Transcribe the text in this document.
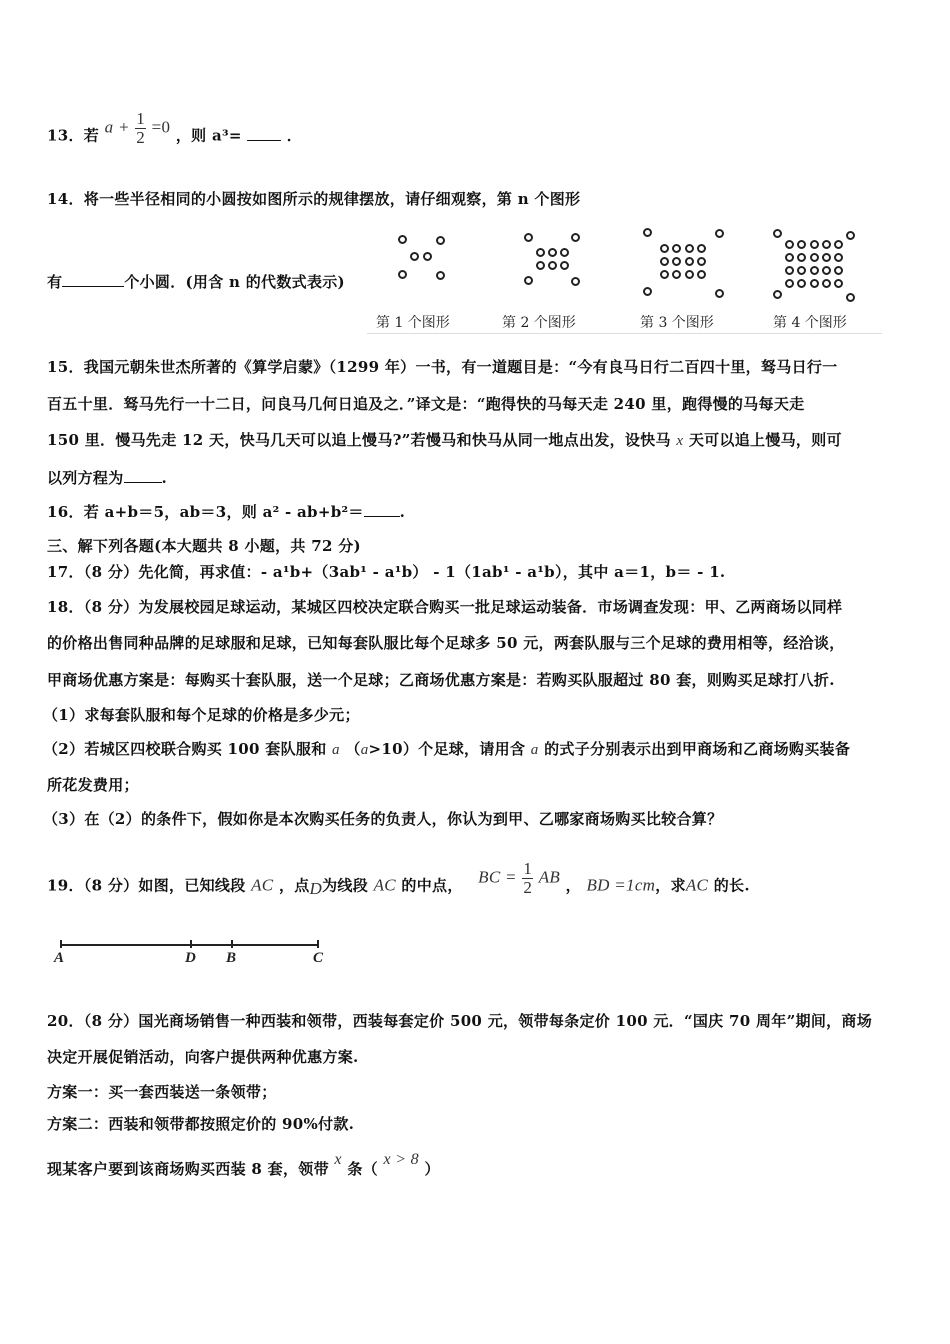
13．若 $a + \frac{1}{2} =0$ ，则 a³=	．
14．将一些半径相同的小圆按如图所示的规律摆放，请仔细观察，第 n 个图形
有	个小圆．(用含 n 的代数式表示)
第 1 个图形	第 2 个图形	第 3 个图形	第 4 个图形
15．我国元朝朱世杰所著的《算学启蒙》（1299 年）一书，有一道题目是：“今有良马日行二百四十里，驽马日行一
百五十里．驽马先行一十二日，问良马几何日追及之．”译文是：“跑得快的马每天走 240 里，跑得慢的马每天走
150 里．慢马先走 12 天，快马几天可以追上慢马?”若慢马和快马从同一地点出发，设快马 x 天可以追上慢马，则可
以列方程为	.
16．若 a+b＝5，ab＝3，则 a² - ab+b²＝ .
三、解下列各题(本大题共 8 小题，共 72 分)
17．（8 分）先化简，再求值：- a¹b+（3ab¹ - a¹b） - 1（1ab¹ - a¹b），其中 a＝1，b＝ - 1.
18．（8 分）为发展校园足球运动，某城区四校决定联合购买一批足球运动装备．市场调查发现：甲、乙两商场以同样
的价格出售同种品牌的足球服和足球，已知每套队服比每个足球多 50 元，两套队服与三个足球的费用相等，经洽谈，
甲商场优惠方案是：每购买十套队服，送一个足球；乙商场优惠方案是：若购买队服超过 80 套，则购买足球打八折.
（1）求每套队服和每个足球的价格是多少元；
（2）若城区四校联合购买 100 套队服和 a （a>10）个足球，请用含 a 的式子分别表示出到甲商场和乙商场购买装备
所花发费用；
（3）在（2）的条件下，假如你是本次购买任务的负责人，你认为到甲、乙哪家商场购买比较合算？
19．（8 分）如图，已知线段 AC ，点D为线段 AC 的中点， BC = $\frac{1}{2}$ AB ， BD =1cm，求AC 的长.
A	D B	C
20．（8 分）国光商场销售一种西装和领带，西装每套定价 500 元，领带每条定价 100 元．“国庆 70 周年”期间，商场
决定开展促销活动，向客户提供两种优惠方案.
方案一：买一套西装送一条领带；
方案二：西装和领带都按照定价的 90%付款.
现某客户要到该商场购买西装 8 套，领带 x 条（ x > 8 ）
